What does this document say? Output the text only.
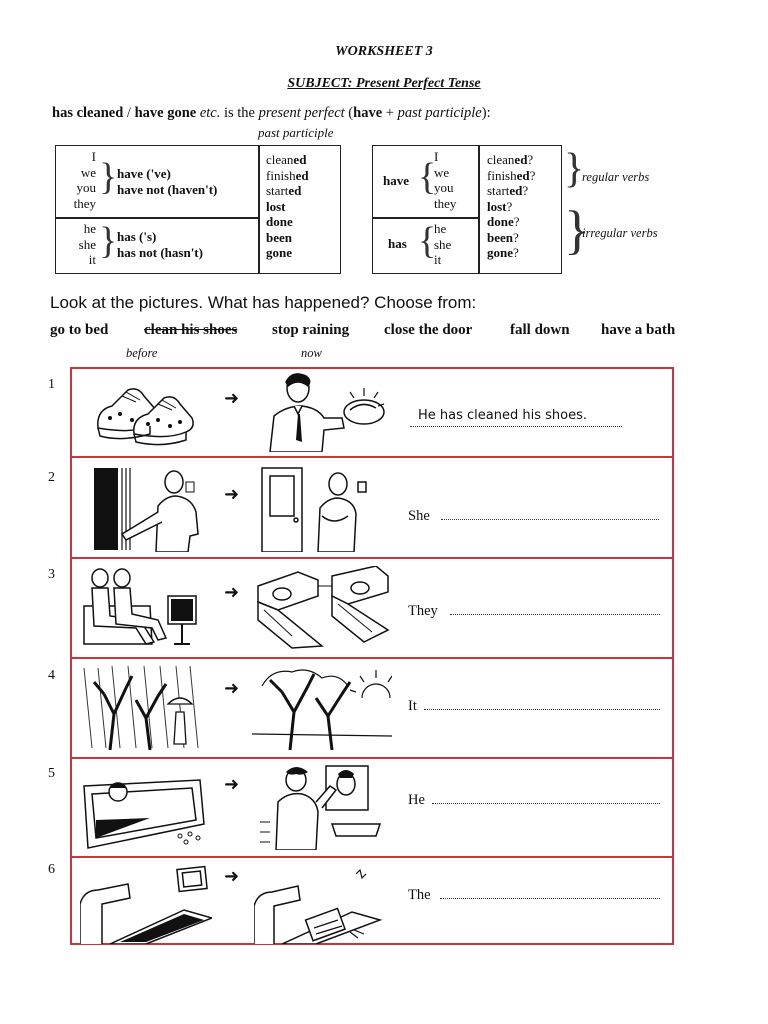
WORKSHEET 3
SUBJECT: Present Perfect Tense
has cleaned / have gone etc. is the present perfect (have + past participle):
past participle
I
we
you
they
} have ('ve)
have not (haven't)
he
she
it } has ('s)
has not (hasn't)
cleaned
finished
started
lost
done
been
gone
have {
I
we
you
they
has {
he
she
it
cleaned?
finished?
started?
lost?
done?
been?
gone?
}
regular verbs
}
irregular verbs
Look at the pictures. What has happened? Choose from:
go to bed clean his shoes stop raining close the door	fall down have a bath
before	now
1
2
3
4
5
6
➜
He has cleaned his shoes.
➜
She
➜
They
➜
It
➜
He
➜
The
